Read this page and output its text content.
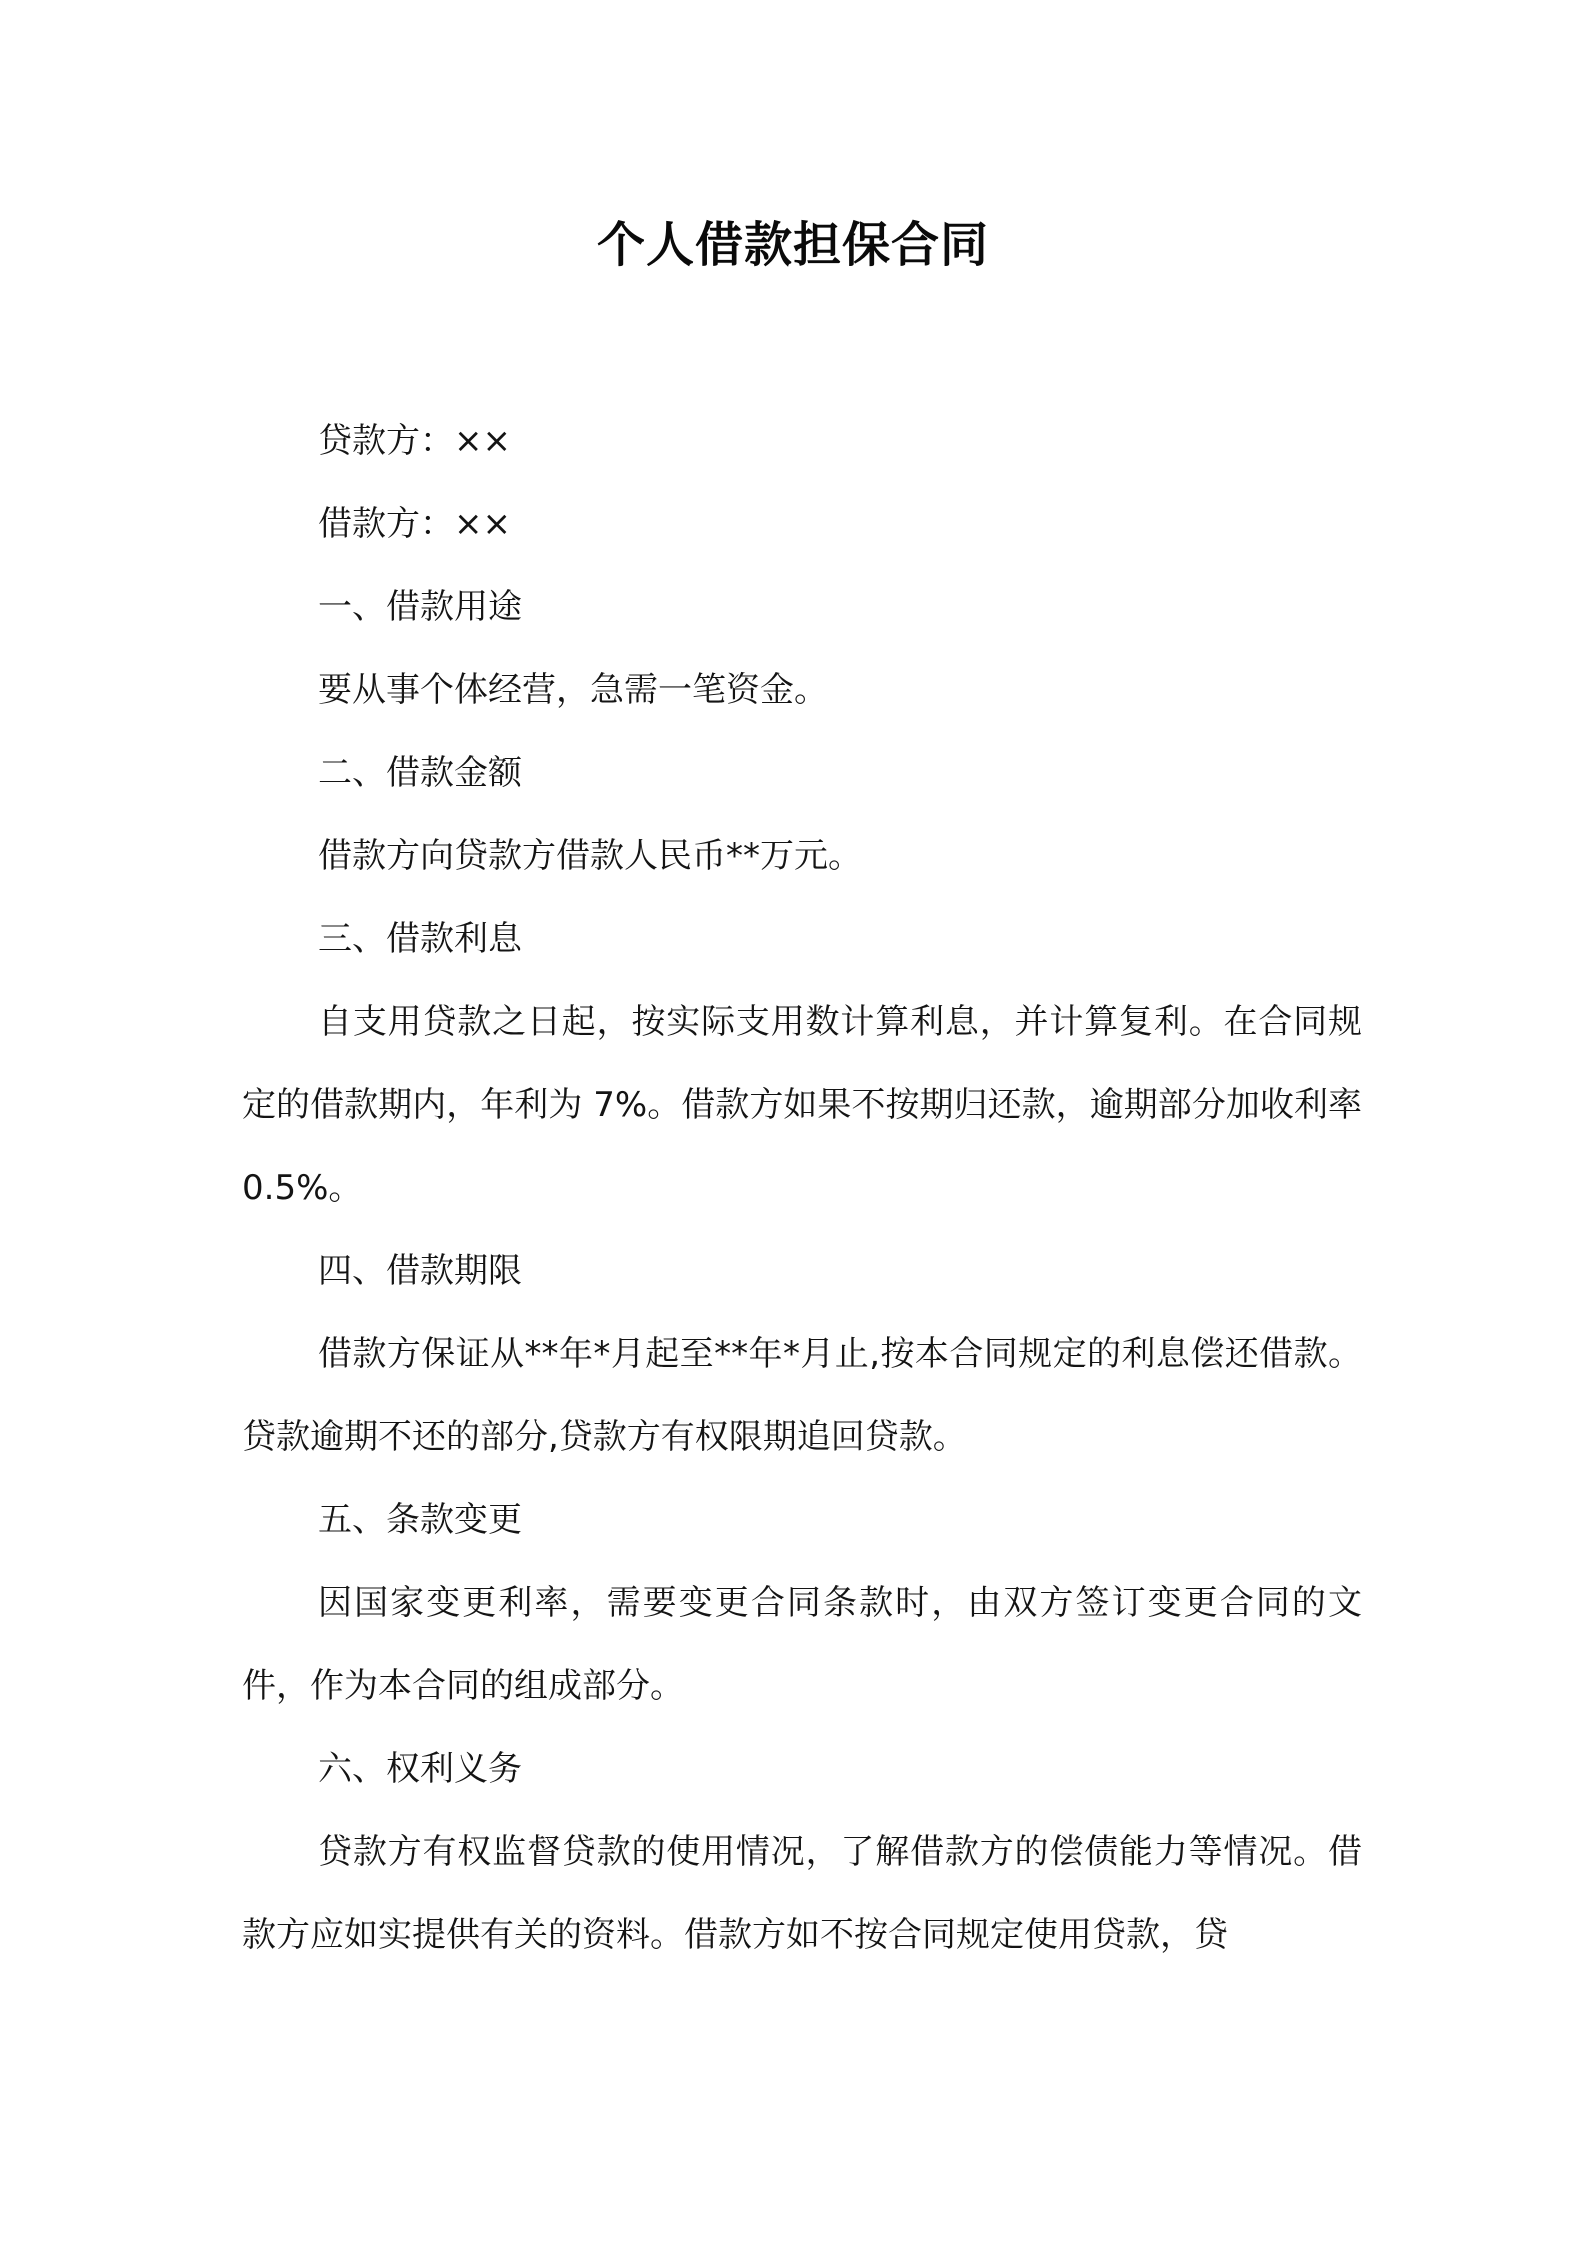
个人借款担保合同

贷款方：××

借款方：××

一、借款用途

要从事个体经营，急需一笔资金。

二、借款金额

借款方向贷款方借款人民币**万元。

三、借款利息

自支用贷款之日起，按实际支用数计算利息，并计算复利。在合同规定的借款期内，年利为 7%。借款方如果不按期归还款，逾期部分加收利率 0.5%。

四、借款期限

借款方保证从**年*月起至**年*月止,按本合同规定的利息偿还借款。贷款逾期不还的部分,贷款方有权限期追回贷款。

五、条款变更

因国家变更利率，需要变更合同条款时，由双方签订变更合同的文件，作为本合同的组成部分。

六、权利义务

贷款方有权监督贷款的使用情况，了解借款方的偿债能力等情况。借款方应如实提供有关的资料。借款方如不按合同规定使用贷款，贷
